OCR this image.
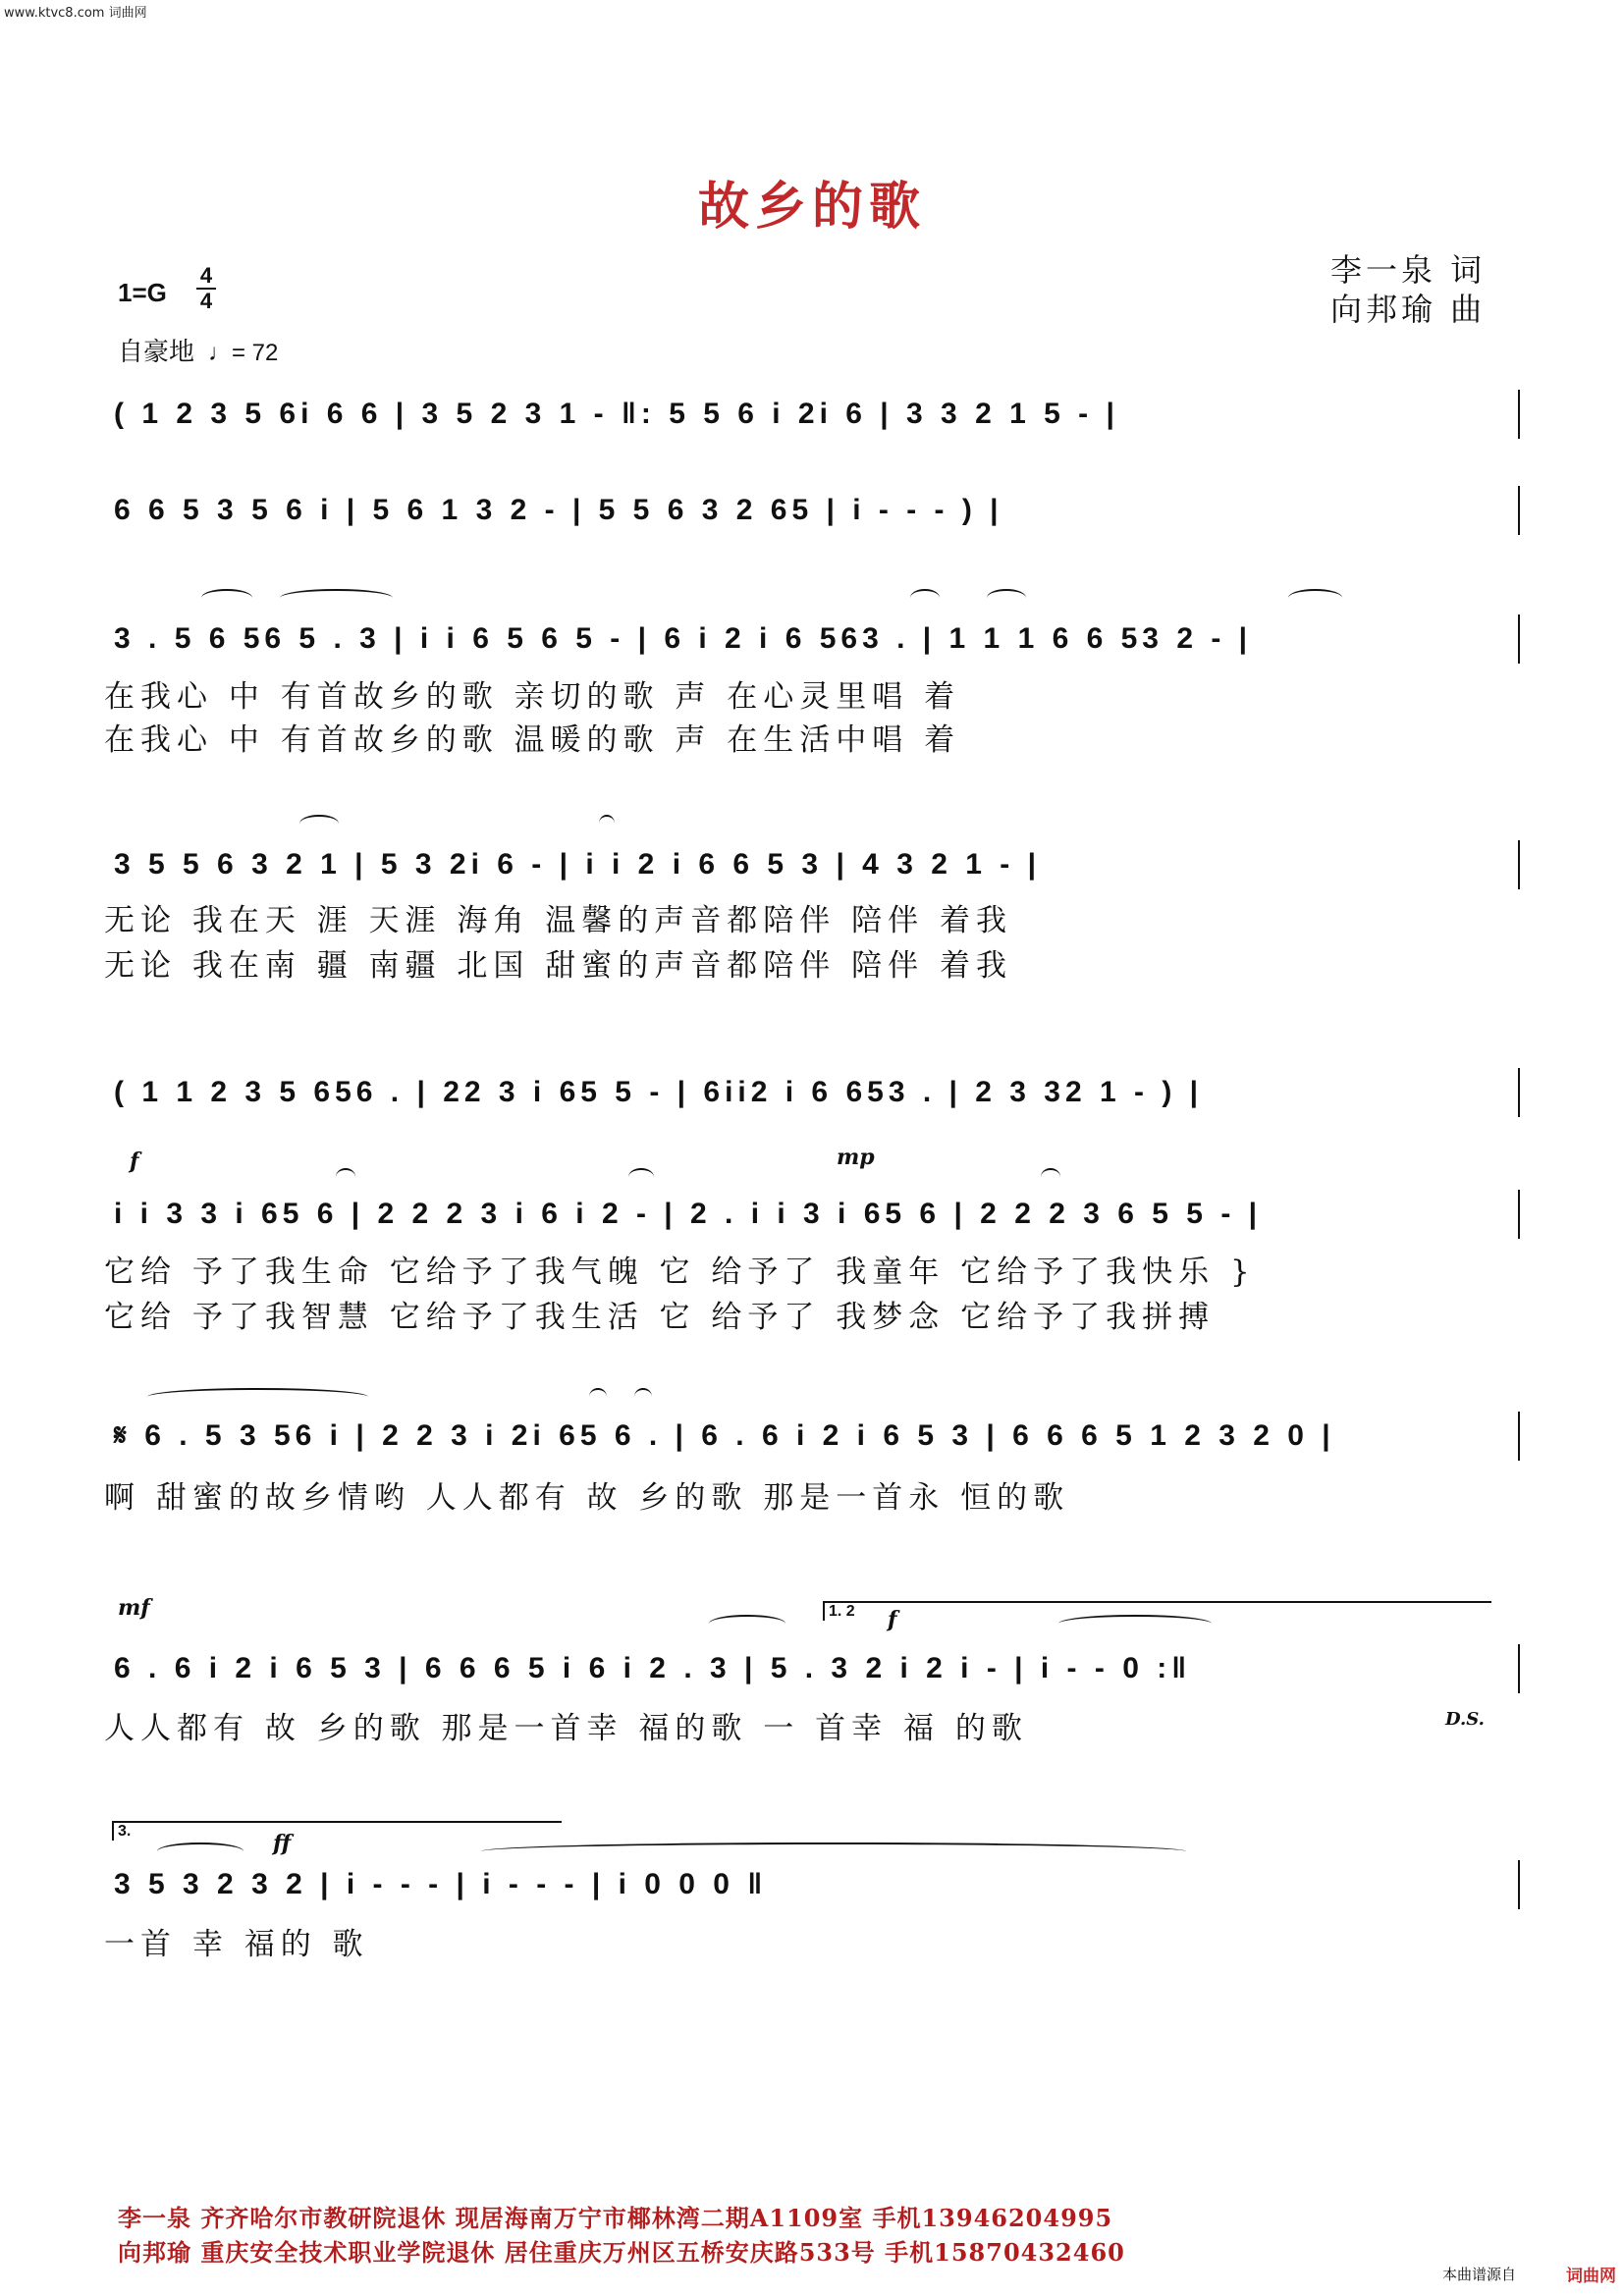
www.ktvc8.com 词曲网
故乡的歌
李一泉 词
向邦瑜 曲
1=G
4
4
自豪地 ♩= 72
( 1 2 3 5 6i 6 6 | 3 5 2 3 1 - ‖: 5 5 6 i 2i 6 | 3 3 2 1 5 - |
6 6 5 3 5 6 i | 5 6 1 3 2 - | 5 5 6 3 2 65 | i - - - ) |
3 . 5 6 56 5 . 3 | i i 6 5 6 5 - | 6 i 2 i 6 563 . | 1 1 1 6 6 53 2 - |
在我心 中 有首故乡的歌 亲切的歌 声 在心灵里唱 着
在我心 中 有首故乡的歌 温暖的歌 声 在生活中唱 着
3 5 5 6 3 2 1 | 5 3 2i 6 - | i i 2 i 6 6 5 3 | 4 3 2 1 - |
无论 我在天 涯 天涯 海角 温馨的声音都陪伴 陪伴 着我
无论 我在南 疆 南疆 北国 甜蜜的声音都陪伴 陪伴 着我
( 1 1 2 3 5 656 . | 22 3 i 65 5 - | 6ii2 i 6 653 . | 2 3 32 1 - ) |
f	mp
i i 3 3 i 65 6 | 2 2 2 3 i 6 i 2 - | 2 . i i 3 i 65 6 | 2 2 2 3 6 5 5 - |
它给 予了我生命 它给予了我气魄 它 给予了 我童年 它给予了我快乐 }
它给 予了我智慧 它给予了我生活 它 给予了 我梦念 它给予了我拼搏
𝄋 6 . 5 3 56 i | 2 2 3 i 2i 65 6 . | 6 . 6 i 2 i 6 5 3 | 6 6 6 5 1 2 3 2 0 |
啊 甜蜜的故乡情哟 人人都有 故 乡的歌 那是一首永 恒的歌
mf	1. 2	f
6 . 6 i 2 i 6 5 3 | 6 6 6 5 i 6 i 2 . 3 | 5 . 3 2 i 2 i - | i - - 0 :‖
人人都有 故 乡的歌 那是一首幸 福的歌 一 首幸 福 的歌	D.S.
3.	ff
3 5 3 2 3 2 | i - - - | i - - - | i 0 0 0 ‖
一首 幸 福的 歌
李一泉 齐齐哈尔市教研院退休 现居海南万宁市椰林湾二期A1109室 手机13946204995
向邦瑜 重庆安全技术职业学院退休 居住重庆万州区五桥安庆路533号 手机15870432460
本曲谱源自	词曲网
